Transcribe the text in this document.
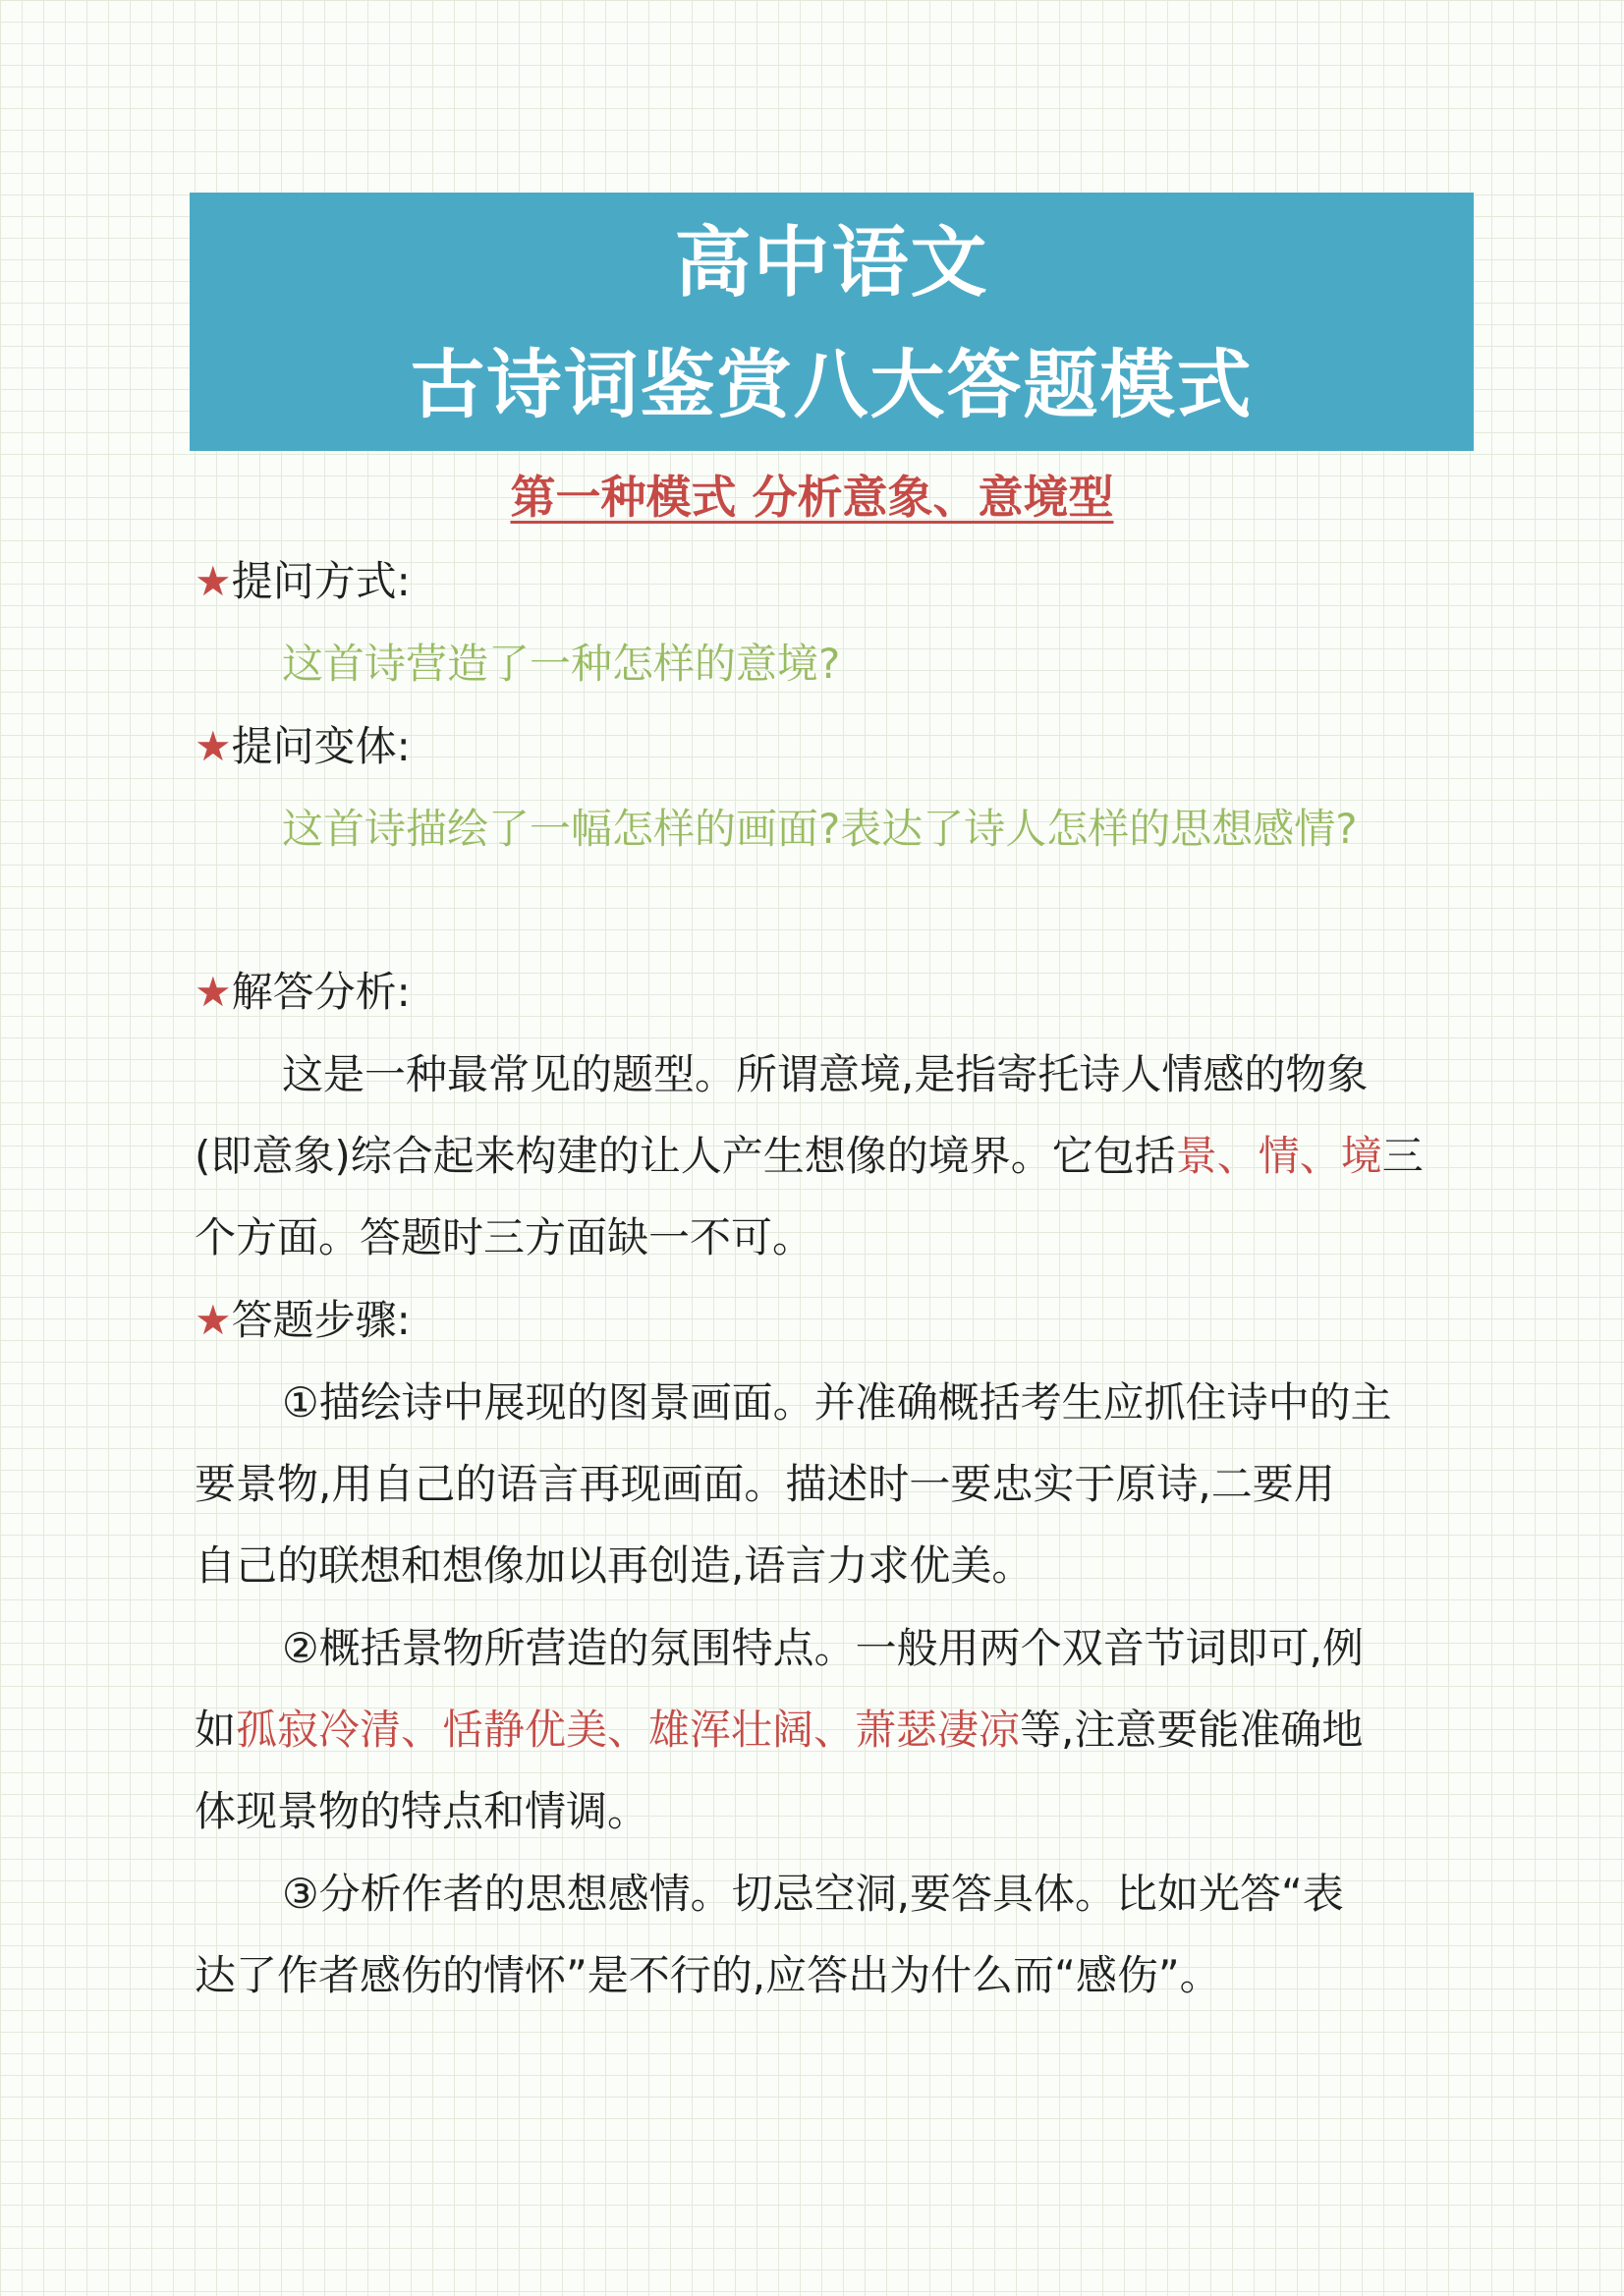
高中语文
古诗词鉴赏八大答题模式
第一种模式 分析意象、意境型
★提问方式:
这首诗营造了一种怎样的意境?
★提问变体:
这首诗描绘了一幅怎样的画面?表达了诗人怎样的思想感情?
★解答分析:
这是一种最常见的题型。所谓意境,是指寄托诗人情感的物象
(即意象)综合起来构建的让人产生想像的境界。它包括景、情、境三
个方面。答题时三方面缺一不可。
★答题步骤:
①描绘诗中展现的图景画面。并准确概括考生应抓住诗中的主
要景物,用自己的语言再现画面。描述时一要忠实于原诗,二要用
自己的联想和想像加以再创造,语言力求优美。
②概括景物所营造的氛围特点。一般用两个双音节词即可,例
如孤寂冷清、恬静优美、雄浑壮阔、萧瑟凄凉等,注意要能准确地
体现景物的特点和情调。
③分析作者的思想感情。切忌空洞,要答具体。比如光答“表
达了作者感伤的情怀”是不行的,应答出为什么而“感伤”。
